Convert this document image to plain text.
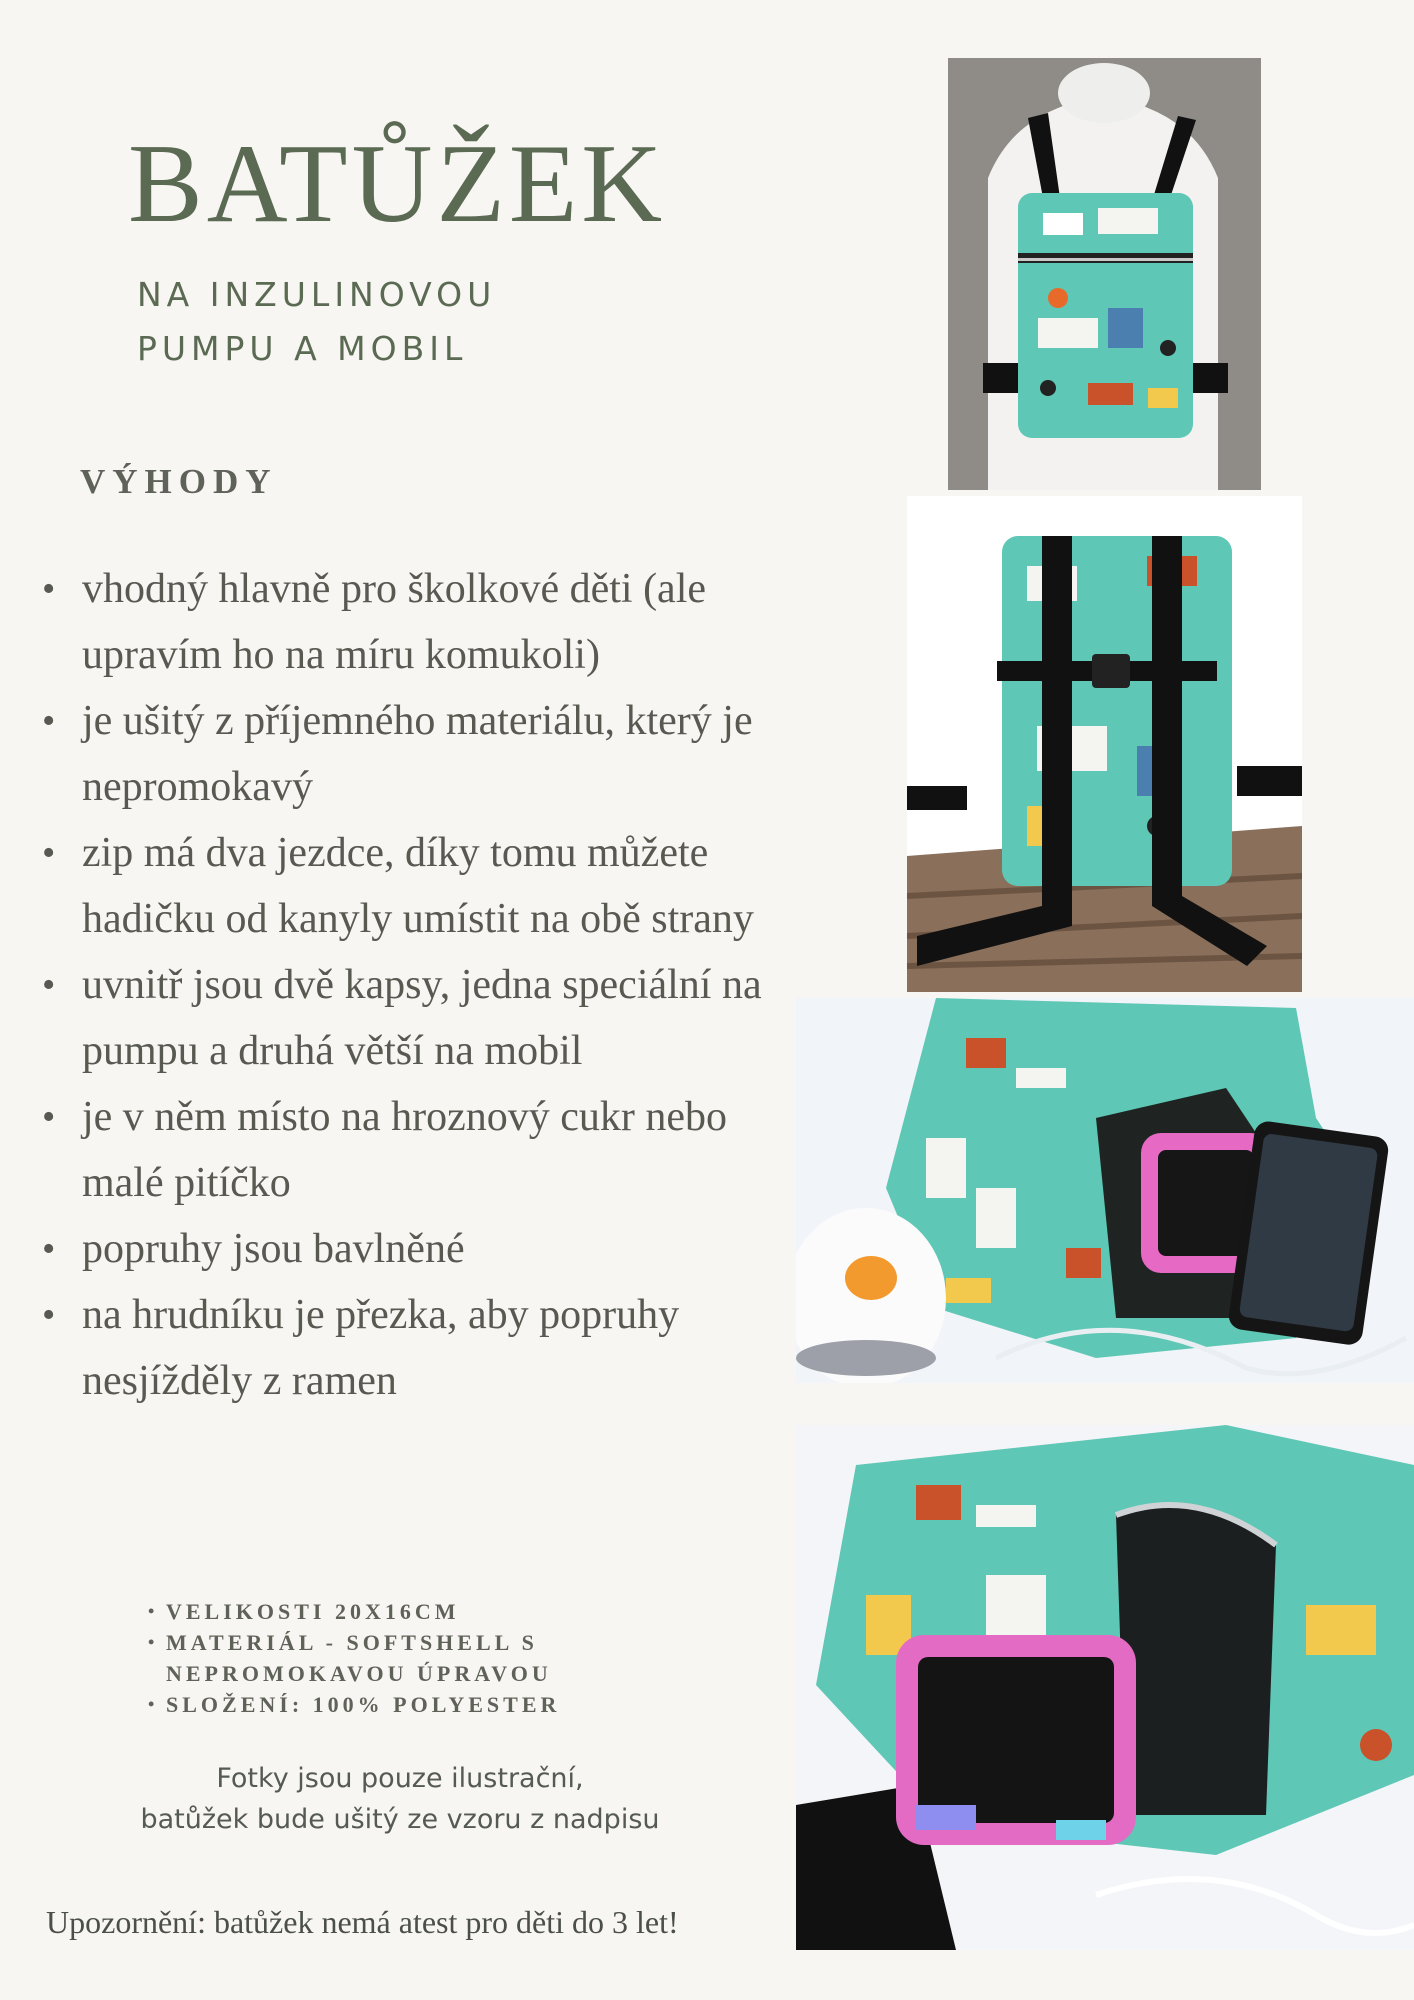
BATŮŽEK
NA INZULINOVOU
PUMPU A MOBIL
VÝHODY
• vhodný hlavně pro školkové děti (ale upravím ho na míru komukoli)
• je ušitý z příjemného materiálu, který je nepromokavý
• zip má dva jezdce, díky tomu můžete hadičku od kanyly umístit na obě strany
• uvnitř jsou dvě kapsy, jedna speciální na pumpu a druhá větší na mobil
• je v něm místo na hroznový cukr nebo malé pitíčko
• popruhy jsou bavlněné
• na hrudníku je přezka, aby popruhy nesjížděly z ramen
• VELIKOSTI 20X16CM
• MATERIÁL - SOFTSHELL S
NEPROMOKAVOU ÚPRAVOU
• SLOŽENÍ: 100% POLYESTER
Fotky jsou pouze ilustrační,
batůžek bude ušitý ze vzoru z nadpisu
Upozornění: batůžek nemá atest pro děti do 3 let!
